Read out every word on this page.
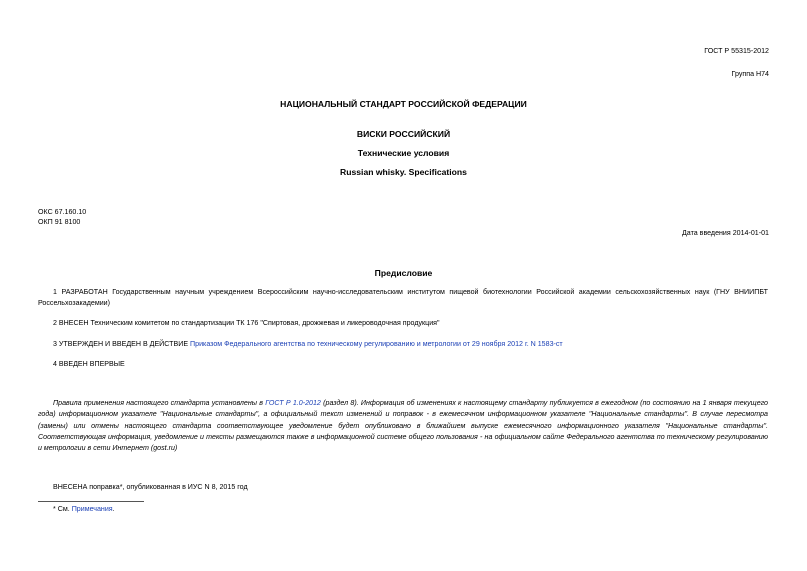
ГОСТ Р 55315-2012
Группа Н74
НАЦИОНАЛЬНЫЙ СТАНДАРТ РОССИЙСКОЙ ФЕДЕРАЦИИ
ВИСКИ РОССИЙСКИЙ
Технические условия
Russian whisky. Specifications
ОКС 67.160.10
ОКП 91 8100
Дата введения 2014-01-01
Предисловие
1 РАЗРАБОТАН Государственным научным учреждением Всероссийским научно-исследовательским институтом пищевой биотехнологии Российской академии сельскохозяйственных наук (ГНУ ВНИИПБТ Россельхозакадемии)
2 ВНЕСЕН Техническим комитетом по стандартизации ТК 176 "Спиртовая, дрожжевая и ликероводочная продукция"
3 УТВЕРЖДЕН И ВВЕДЕН В ДЕЙСТВИЕ Приказом Федерального агентства по техническому регулированию и метрологии от 29 ноября 2012 г. N 1583-ст
4 ВВЕДЕН ВПЕРВЫЕ
Правила применения настоящего стандарта установлены в ГОСТ Р 1.0-2012 (раздел 8). Информация об изменениях к настоящему стандарту публикуется в ежегодном (по состоянию на 1 января текущего года) информационном указателе "Национальные стандарты", а официальный текст изменений и поправок - в ежемесячном информационном указателе "Национальные стандарты". В случае пересмотра (замены) или отмены настоящего стандарта соответствующее уведомление будет опубликовано в ближайшем выпуске ежемесячного информационного указателя "Национальные стандарты". Соответствующая информация, уведомление и тексты размещаются также в информационной системе общего пользования - на официальном сайте Федерального агентства по техническому регулированию и метрологии в сети Интернет (gost.ru)
ВНЕСЕНА поправка*, опубликованная в ИУС N 8, 2015 год
* См. Примечания.
